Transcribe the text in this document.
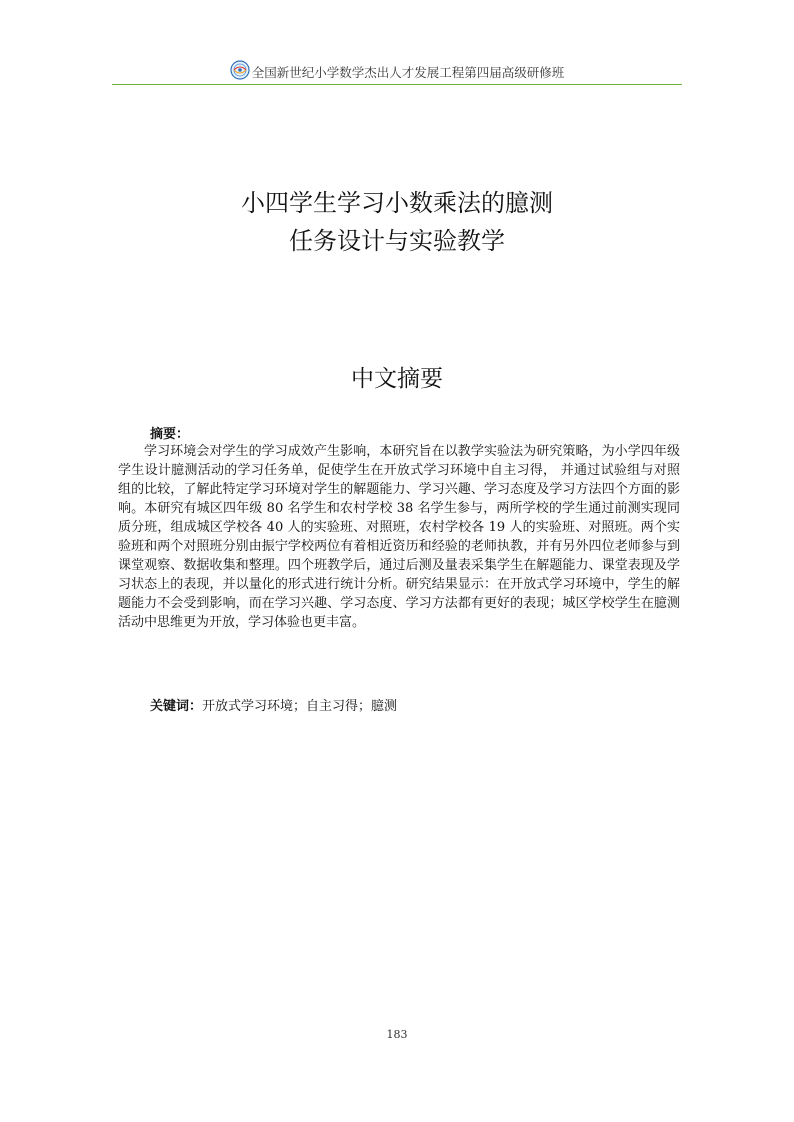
全国新世纪小学数学杰出人才发展工程第四届高级研修班
小四学生学习小数乘法的臆测
任务设计与实验教学
中文摘要
摘要：
学习环境会对学生的学习成效产生影响，本研究旨在以教学实验法为研究策略，为小学四年级学生设计臆测活动的学习任务单，促使学生在开放式学习环境中自主习得， 并通过试验组与对照组的比较，了解此特定学习环境对学生的解题能力、学习兴趣、学习态度及学习方法四个方面的影响。本研究有城区四年级 80 名学生和农村学校 38 名学生参与，两所学校的学生通过前测实现同质分班，组成城区学校各 40 人的实验班、对照班，农村学校各 19 人的实验班、对照班。两个实验班和两个对照班分别由振宁学校两位有着相近资历和经验的老师执教，并有另外四位老师参与到课堂观察、数据收集和整理。四个班教学后，通过后测及量表采集学生在解题能力、课堂表现及学习状态上的表现，并以量化的形式进行统计分析。研究结果显示：在开放式学习环境中，学生的解题能力不会受到影响，而在学习兴趣、学习态度、学习方法都有更好的表现；城区学校学生在臆测活动中思维更为开放，学习体验也更丰富。
关键词：开放式学习环境；自主习得；臆测
183
